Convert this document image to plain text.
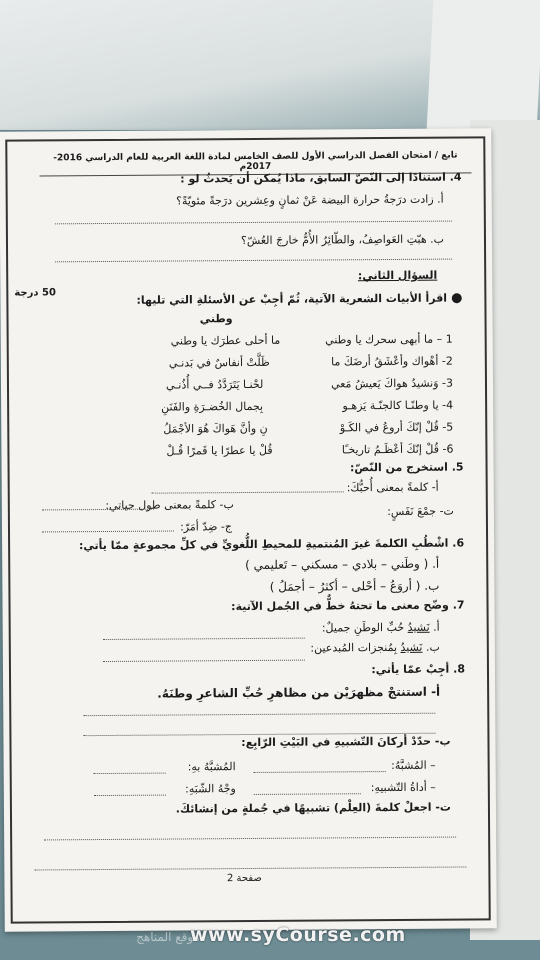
تابع / امتحان الفصل الدراسي الأول للصف الخامس لمادة اللغة العربية للعام الدراسي 2016- 2017م
4. استنادًا إلى النّصّ السابق، ماذا يُمكن أن يَحدثُ لو :
أ. زادت درَجةُ حرارة البيضة عَنْ ثمانٍ وعِشرين درَجةً مئويّةً؟
ب. هبّتِ العَواصِفُ، والطّائِرُ الأُمُّ خارجَ العُشّ؟
السؤال الثاني:
50 درجة	●اقرأ الأبيات الشعرية الآتية، ثُمّ أجِبْ عن الأسئلةِ التي تليها:
وطني
1 – ما أبهى سحرك يا وطني
ما أحلى عطرَك يا وطني
2- أهْواك وأعْشَقُ أرضَكَ ما
ظَلَّتْ أنفاسٌ في بَدنـي
3- وَنشيدُ هواكَ يَعيشُ مَعي
لحْنـا يَتَرَدَّدُ فــي أُذُنـي
4- يا وطنًـا كالجنّـة يَزهـو
بِجمال الخُضـرَةِ والفَنَنِ
5- قُلْ إنّكَ أروعُ في الكَـوْ
نِ وأنَّ هَواكَ هُوَ الأجْمَلُ
6- قُلْ إنّكَ أعْظَـمُ تاريخـًا
قُلْ يا عطرًا يا قَمرًا قُـلْ
5. استخرج من النّصّ:
أ- كلمةً بمعنى أُحبُّكَ:
ب- كلمةً بمعنى طول حياتي:	ت- جمْعَ نَفَسٍ:
ج- ضِدّ أمَرّ:
6. اشْطُبِ الكلمةَ غيرَ المُنتميةِ للمحيطِ اللُّغويِّ في كلِّ مجموعةٍ ممّا يأتي:
أ. ( وطَني – بلادي – مسكني – تَعليمي )
ب. ( أروَعُ – أحْلى – أكثرُ – أجمَلُ )
7. وضّح معنى ما تحتهُ خطٌّ في الجُمل الآتية:
أ. نَشيدُ حُبِّ الوطَنِ جميلٌ:
ب. نَشيدُ بِمُنجزات المُبدعين:
8. أجِبْ عمّا يأتي:
أ- استنتجْ مظهرَيْن من مظاهرِ حُبِّ الشاعرِ وطنَهُ.
ب- حدّدْ أركانَ التّشبيهِ في البَيْتِ الرّابِع:
– المُشبَّهُ:
المُشبَّهُ بهِ:
– أداةُ التّشبيهِ:
وجْهُ الشّبَهِ:
ت- اجعلْ كلمةَ (العِلْم) تشبيهًا في جُملةٍ من إنشائكَ.
صفحة 2
موقع المناهج
www.syCourse.com
